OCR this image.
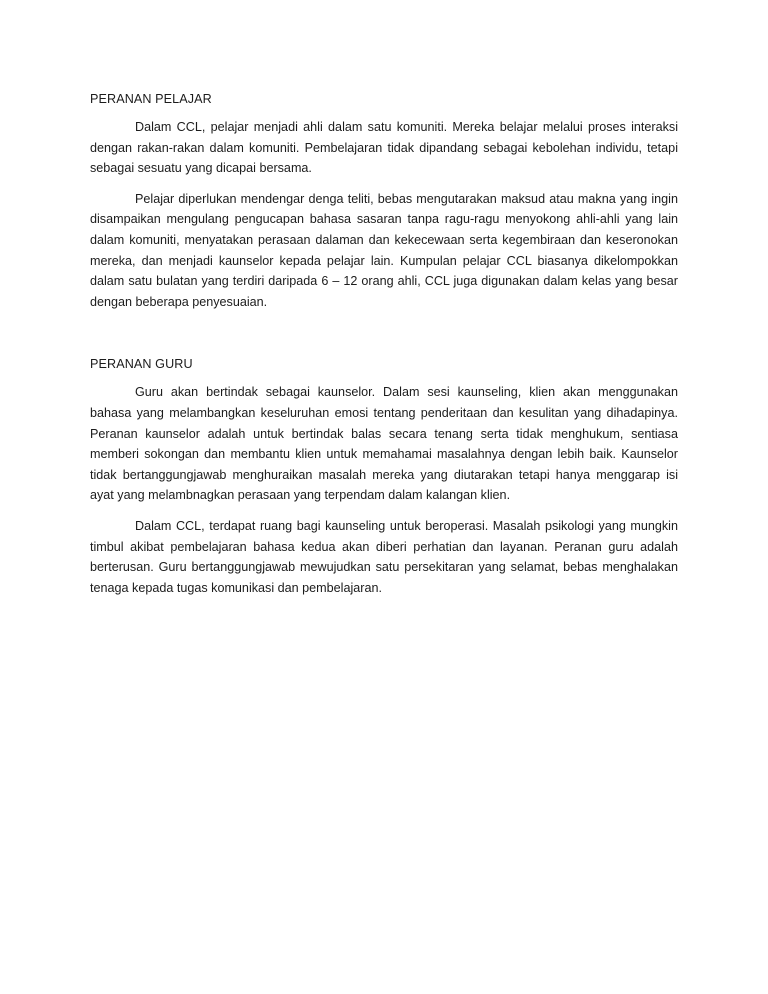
PERANAN PELAJAR

Dalam CCL, pelajar menjadi ahli dalam satu komuniti. Mereka belajar melalui proses interaksi dengan rakan-rakan dalam komuniti. Pembelajaran tidak dipandang sebagai kebolehan individu, tetapi sebagai sesuatu yang dicapai bersama.

Pelajar diperlukan mendengar denga teliti, bebas mengutarakan maksud atau makna yang ingin disampaikan mengulang pengucapan bahasa sasaran tanpa ragu-ragu menyokong ahli-ahli yang lain dalam komuniti, menyatakan perasaan dalaman dan kekecewaan serta kegembiraan dan keseronokan mereka, dan menjadi kaunselor kepada pelajar lain. Kumpulan pelajar CCL biasanya dikelompokkan dalam satu bulatan yang terdiri daripada 6 – 12 orang ahli, CCL juga digunakan dalam kelas yang besar dengan beberapa penyesuaian.

PERANAN GURU

Guru akan bertindak sebagai kaunselor. Dalam sesi kaunseling, klien akan menggunakan bahasa yang melambangkan keseluruhan emosi tentang penderitaan dan kesulitan yang dihadapinya. Peranan kaunselor adalah untuk bertindak balas secara tenang serta tidak menghukum, sentiasa memberi sokongan dan membantu klien untuk memahamai masalahnya dengan lebih baik. Kaunselor tidak bertanggungjawab menghuraikan masalah mereka yang diutarakan tetapi hanya menggarap isi ayat yang melambnagkan perasaan yang terpendam dalam kalangan klien.

Dalam CCL, terdapat ruang bagi kaunseling untuk beroperasi. Masalah psikologi yang mungkin timbul akibat pembelajaran bahasa kedua akan diberi perhatian dan layanan. Peranan guru adalah berterusan. Guru bertanggungjawab mewujudkan satu persekitaran yang selamat, bebas menghalakan tenaga kepada tugas komunikasi dan pembelajaran.
